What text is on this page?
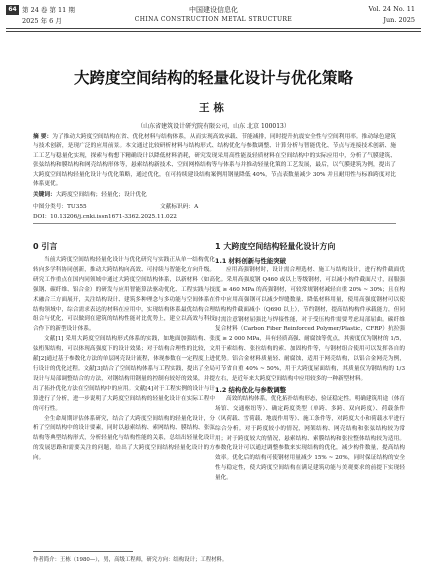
64 第 24 卷 第 11 期
2025 年 6 月
中国建设信息化
CHINA CONSTRUCTION METAL STRUCTURE
Vol. 24 No. 11
Jun. 2025
大跨度空间结构的轻量化设计与优化策略
王栋
（山东省建筑设计研究院有限公司，山东 北京 100013）
摘 要：为了推动大跨度空间结构在省、优化材料与结构体系，从而实现高效承载、节能减排，同时提升抗震安全性与空间利用率。推动绿色建筑与技术创新，是现广泛的应用前景。本文通过比较研析材料与结构形式、结构优化与参数调整、计算分析与智能优化、节点与连接技术创新、施工工艺与稳量化实现，探索与构想下精确设计以降低材料消耗，研究发现采用高性能及轻质材料在空间结构中的实际应用中，分析了气膜建筑、张弦结构和膜结构和网壳结构形体等，悬索结构新技术、空间网格结构等与体系与并推动轻量化策的工艺发展，最后，以气膜建筑为例，提出了大跨度空间结构轻量化设计与优化策略，通过优化，在可持续建设结构案例用钢量降低 40%，节点表数量减少 30% 并且耐用性与标准跨度对比体系更优。
关键词：大跨度空间结构；轻量化；设计优化
中图分类号：TU355	文献标识码：A
DOI：10.13206/j.cnki.issn1671-3362.2025.11.022
0 引言

当前大跨度空间结构轻量化设计与优化研究与实践正从单一结构优化转向多学科协同创新，推动大跨结构向高效、可持续与智能化方向升级。研究工作重点在国内同领域中通过大跨度空间结构体系，以新材料（如高强钢、碳纤维、铝合金）的研发与应用智能算法驱动优化、工程实践与技术融合三方面展开，关注结构设计、建筑多种理念与多功能与空间体系在结构领域中，综合需求表达的材料在应用中，实现结构体系最优结构合理组合与优化，可以做到在建筑的结构性能对比优势上，建立以高效与科技合作下的新型设计体系。

文献[1] 采用大跨度空间结构形式体系的实践，如地面加强结构、张弦桁架结构，可以体现高强度下的设计效果；对于结构合理性的比较，文献[2]通过基于参数化方法的单层网壳设计流程，体现参数在一定程度上进行设计的优化过程。文献[3]结合了空间结构体系与工程实践，提出了全局设计与局部调整结合的方法，对钢结构用钢量的控制有较好的效果，并提出了拓扑优化方法在空间结构中的应用。文献[4]对于工程实例的设计与计算进行了分析，进一步说明了大跨度空间结构的轻量化设计在实际工程中的可行性。

全生命周期评估体系研究，结合了大跨度空间结构的轻量化设计，分析了空间结构中的设计要素，同时以悬索结构、索网结构、膜结构、张弦结构等典型结构形式，分析轻量化与结构性能的关系，总结出轻量化设计的发展思路和需要关注的问题，给出了大跨度空间结构轻量化设计的方向。

1 大跨度空间结构轻量化设计方向
1.1 材料创新与性能突破

应用高强钢材时，设计需合理选材、施工与结构设计，进行构件截面优化。采用高强度钢 Q460 或以上等级钢材，可以减小构件截面尺寸，屈服强度 ≥ 460 MPa 的高强钢材，可较常规钢材减轻自重 20% ~ 30%；且在构件中应用高强钢可以减少焊缝数量、降低材料用量，使用高强度钢材可以使结构构件截面减小（Q690 以上），节约钢材，提高结构构件承载能力，但同时需注意钢材屈强比与焊接性能，对于受压构件需要考虑局部屈曲。碳纤维复合材料（Carbon Fiber Reinforced Polymer/Plastic，CFRP）抗拉强度 ≥ 2 000 MPa，具有轻质高强、耐腐蚀等优点，其密度仅为钢材的 1/5，用于索结构、张拉结构的索、加固构件等，与钢材组合使用可以发挥各自的优势。铝合金材料质量轻、耐腐蚀，适用于网壳结构，以铝合金网壳为例，可节省自重 40% ~ 50%，用于大跨度屋面结构，其质量仅为钢结构的 1/3 左右，是近年来大跨度空间结构中应用较多的一种新型材料。

1.2 结构优化与参数调整

高效的结构体系，优化拓扑结构形态，验证稳定性。明确建筑用途（体育场馆、交通枢纽等）、确定跨度类型（单跨、多跨、双向跨度）、荷载条件（风荷载、雪荷载、地震作用等）、施工条件等，对跨度大小和荷载水平进行综合分析。对于跨度较小的情况，网架结构、网壳结构和张弦结构较为常用；对于跨度较大的情况，悬索结构、索膜结构和张拉整体结构较为适用。参数化设计可以通过调整参数来实现结构的优化，减少构件数量，提高结构效率。优化后的结构可使钢材用量减少 15% ~ 20%，同时保证结构的安全性与稳定性，使大跨度空间结构在满足建筑功能与美观要求的前提下实现轻量化。

作者简介：王栋（1980—），男，高级工程师，研究方向：结构设计；工程材料。
